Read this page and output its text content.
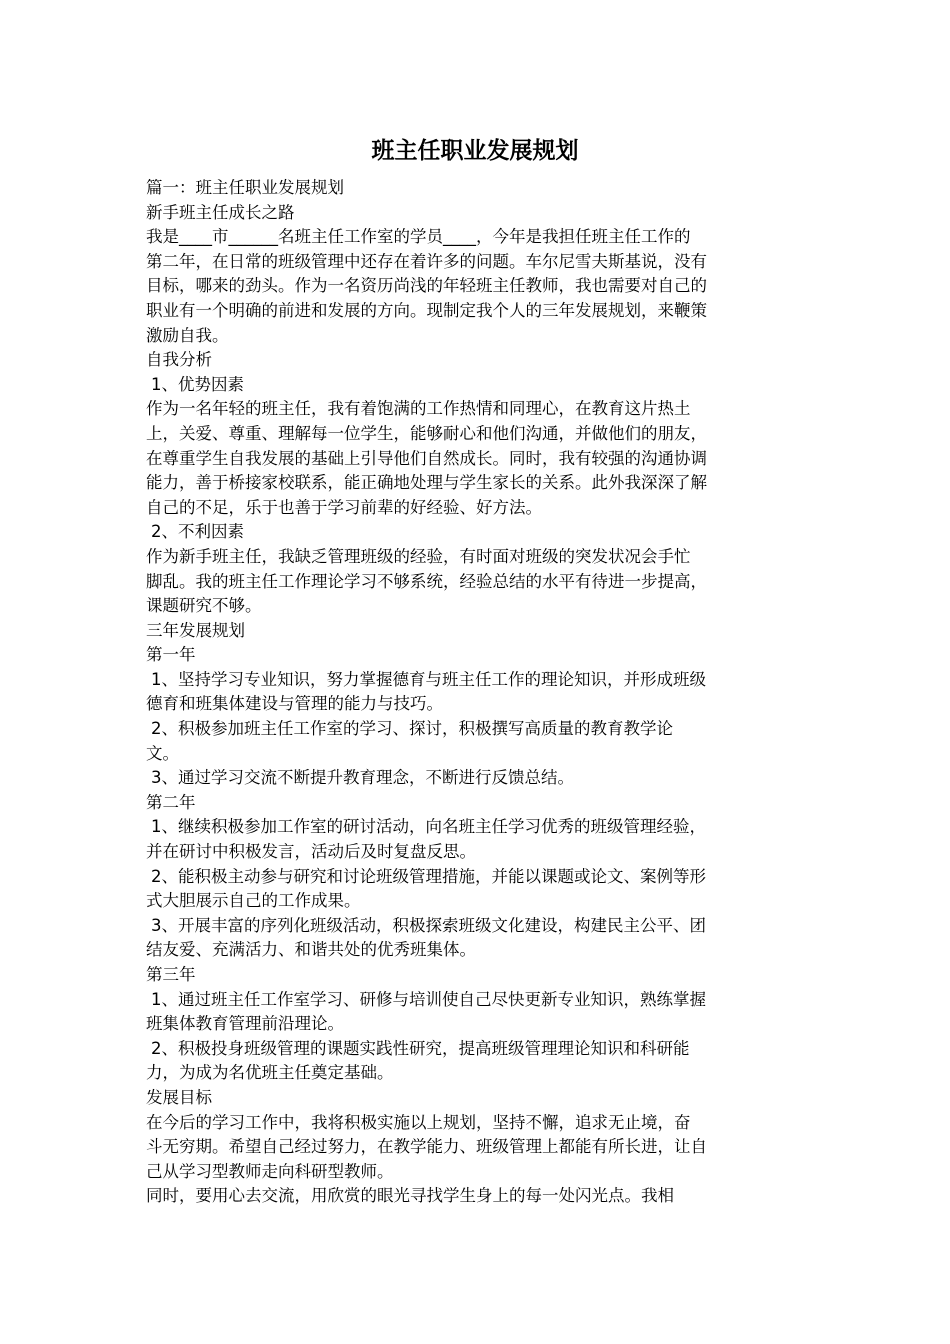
班主任职业发展规划

篇一：班主任职业发展规划

新手班主任成长之路

我是____市______名班主任工作室的学员____，今年是我担任班主任工作的

第二年，在日常的班级管理中还存在着许多的问题。车尔尼雪夫斯基说，没有

目标，哪来的劲头。作为一名资历尚浅的年轻班主任教师，我也需要对自己的

职业有一个明确的前进和发展的方向。现制定我个人的三年发展规划，来鞭策

激励自我。

自我分析

1、优势因素

作为一名年轻的班主任，我有着饱满的工作热情和同理心，在教育这片热土

上，关爱、尊重、理解每一位学生，能够耐心和他们沟通，并做他们的朋友，

在尊重学生自我发展的基础上引导他们自然成长。同时，我有较强的沟通协调

能力，善于桥接家校联系，能正确地处理与学生家长的关系。此外我深深了解

自己的不足，乐于也善于学习前辈的好经验、好方法。

2、不利因素

作为新手班主任，我缺乏管理班级的经验，有时面对班级的突发状况会手忙

脚乱。我的班主任工作理论学习不够系统，经验总结的水平有待进一步提高，

课题研究不够。

三年发展规划

第一年

1、坚持学习专业知识，努力掌握德育与班主任工作的理论知识，并形成班级

德育和班集体建设与管理的能力与技巧。

2、积极参加班主任工作室的学习、探讨，积极撰写高质量的教育教学论

文。

3、通过学习交流不断提升教育理念，不断进行反馈总结。

第二年

1、继续积极参加工作室的研讨活动，向名班主任学习优秀的班级管理经验，

并在研讨中积极发言，活动后及时复盘反思。

2、能积极主动参与研究和讨论班级管理措施，并能以课题或论文、案例等形

式大胆展示自己的工作成果。

3、开展丰富的序列化班级活动，积极探索班级文化建设，构建民主公平、团

结友爱、充满活力、和谐共处的优秀班集体。

第三年

1、通过班主任工作室学习、研修与培训使自己尽快更新专业知识，熟练掌握

班集体教育管理前沿理论。

2、积极投身班级管理的课题实践性研究，提高班级管理理论知识和科研能

力，为成为名优班主任奠定基础。

发展目标

在今后的学习工作中，我将积极实施以上规划，坚持不懈，追求无止境，奋

斗无穷期。希望自己经过努力，在教学能力、班级管理上都能有所长进，让自

己从学习型教师走向科研型教师。

同时，要用心去交流，用欣赏的眼光寻找学生身上的每一处闪光点。我相
